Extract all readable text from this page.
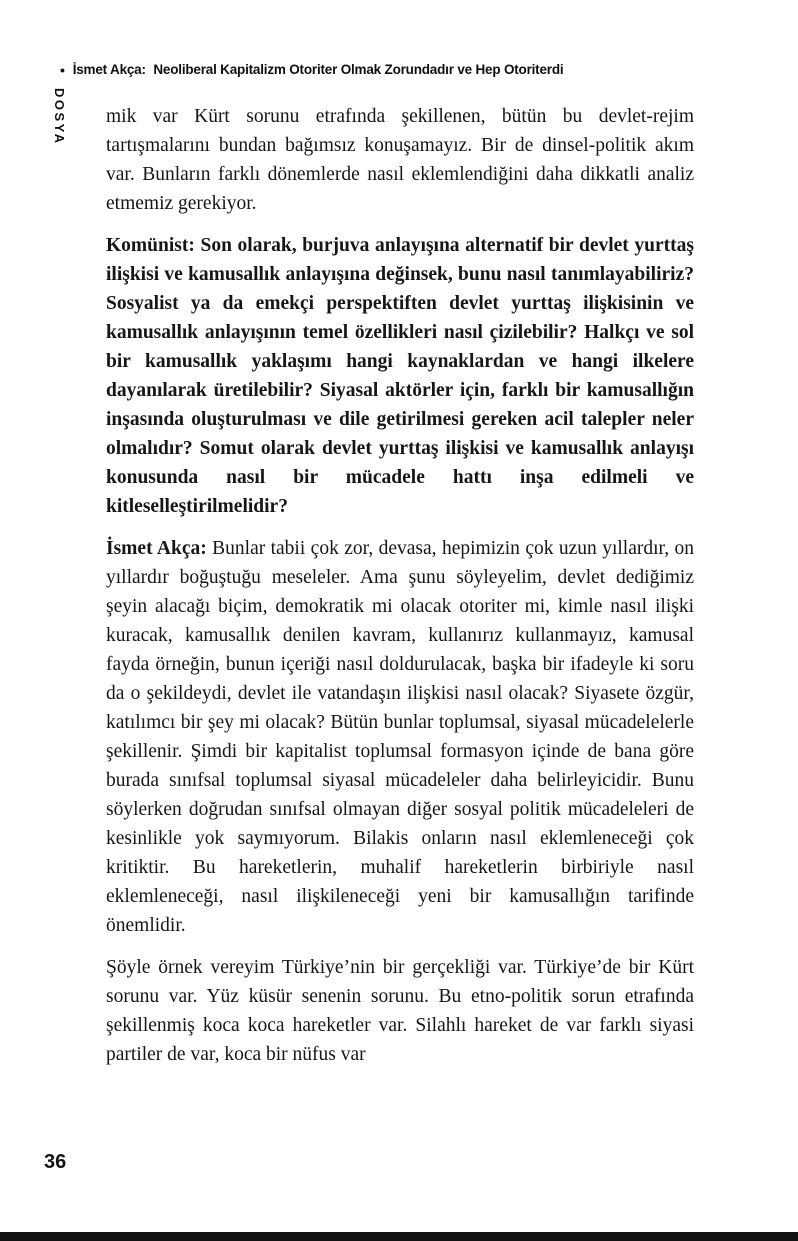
• İsmet Akça: Neoliberal Kapitalizm Otoriter Olmak Zorundadır ve Hep Otoriterdi
DOSYA mik var Kürt sorunu etrafında şekillenen, bütün bu devlet-rejim tartışmalarını bundan bağımsız konuşamayız. Bir de dinsel-politik akım var. Bunların farklı dönemlerde nasıl eklemlendiğini daha dikkatli analiz etmemiz gerekiyor.

Komünist: Son olarak, burjuva anlayışına alternatif bir devlet yurttaş ilişkisi ve kamusallık anlayışına değinsek, bunu nasıl tanımlayabiliriz? Sosyalist ya da emekçi perspektiften devlet yurttaş ilişkisinin ve kamusallık anlayışının temel özellikleri nasıl çizilebilir? Halkçı ve sol bir kamusallık yaklaşımı hangi kaynaklardan ve hangi ilkelere dayanılarak üretilebilir? Siyasal aktörler için, farklı bir kamusallığın inşasında oluşturulması ve dile getirilmesi gereken acil talepler neler olmalıdır? Somut olarak devlet yurttaş ilişkisi ve kamusallık anlayışı konusunda nasıl bir mücadele hattı inşa edilmeli ve kitleselleştirilmelidir?

İsmet Akça: Bunlar tabii çok zor, devasa, hepimizin çok uzun yıllardır, on yıllardır boğuştuğu meseleler. Ama şunu söyleyelim, devlet dediğimiz şeyin alacağı biçim, demokratik mi olacak otoriter mi, kimle nasıl ilişki kuracak, kamusallık denilen kavram, kullanırız kullanmayız, kamusal fayda örneğin, bunun içeriği nasıl doldurulacak, başka bir ifadeyle ki soru da o şekildeydi, devlet ile vatandaşın ilişkisi nasıl olacak? Siyasete özgür, katılımcı bir şey mi olacak? Bütün bunlar toplumsal, siyasal mücadelelerle şekillenir. Şimdi bir kapitalist toplumsal formasyon içinde de bana göre burada sınıfsal toplumsal siyasal mücadeleler daha belirleyicidir. Bunu söylerken doğrudan sınıfsal olmayan diğer sosyal politik mücadeleleri de kesinlikle yok saymıyorum. Bilakis onların nasıl eklemleneceği çok kritiktir. Bu hareketlerin, muhalif hareketlerin birbiriyle nasıl eklemleneceği, nasıl ilişkileneceği yeni bir kamusallığın tarifinde önemlidir.

Şöyle örnek vereyim Türkiye’nin bir gerçekliği var. Türkiye’de bir Kürt sorunu var. Yüz küsür senenin sorunu. Bu etno-politik sorun etrafında şekillenmiş koca koca hareketler var. Silahlı hareket de var farklı siyasi partiler de var, koca bir nüfus var

36
